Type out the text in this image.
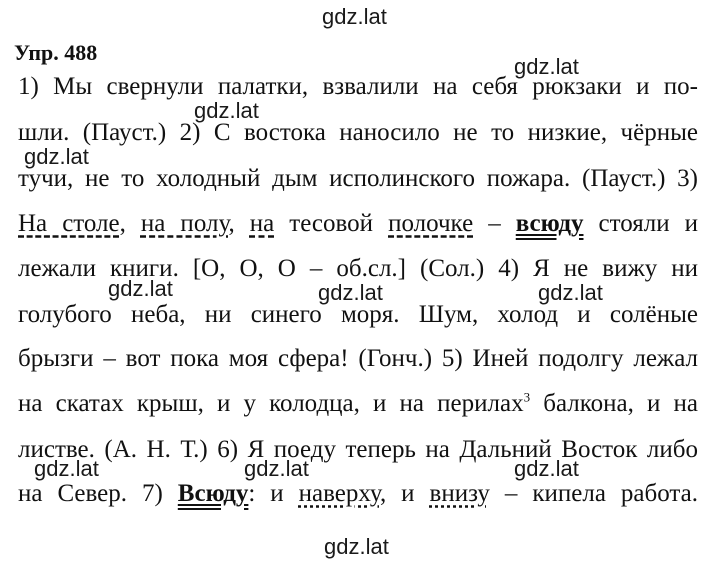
gdz.lat
gdz.lat
gdz.lat
gdz.lat
gdz.lat	gdz.lat	gdz.lat
gdz.lat	gdz.lat	gdz.lat
gdz.lat
Упр. 488
1) Мы свернули палатки, взвалили на себя рюкзаки и по-
шли. (Пауст.) 2) С востока наносило не то низкие, чёрные
тучи, не то холодный дым исполинского пожара. (Пауст.) 3)
На столе, на полу, на тесовой полочке – всюду стояли и
лежали книги. [О, О, О – об.сл.] (Сол.) 4) Я не вижу ни
голубого неба, ни синего моря. Шум, холод и солёные
брызги – вот пока моя сфера! (Гонч.) 5) Иней подолгу лежал
на скатах крыш, и у колодца, и на перилах$^3$ балкона, и на
листве. (А. Н. Т.) 6) Я поеду теперь на Дальний Восток либо
на Север. 7) Всюду: и наверху, и внизу – кипела работа.
